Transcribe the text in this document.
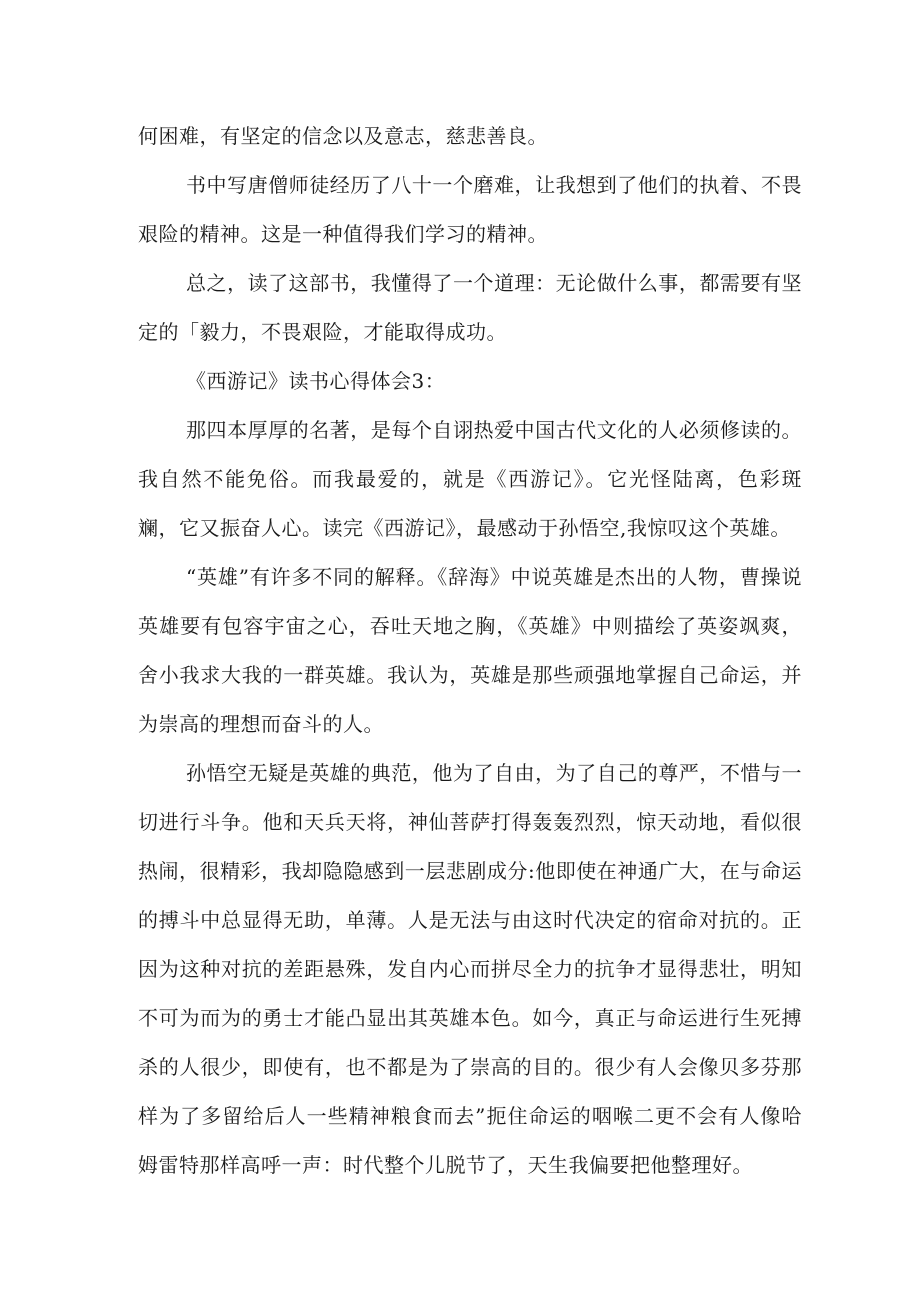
何困难，有坚定的信念以及意志，慈悲善良。

书中写唐僧师徒经历了八十一个磨难，让我想到了他们的执着、不畏艰险的精神。这是一种值得我们学习的精神。

总之，读了这部书，我懂得了一个道理：无论做什么事，都需要有坚定的「毅力，不畏艰险，才能取得成功。

《西游记》读书心得体会3：

那四本厚厚的名著，是每个自诩热爱中国古代文化的人必须修读的。我自然不能免俗。而我最爱的，就是《西游记》。它光怪陆离，色彩斑斓，它又振奋人心。读完《西游记》，最感动于孙悟空,我惊叹这个英雄。

“英雄”有许多不同的解释。《辞海》中说英雄是杰出的人物，曹操说英雄要有包容宇宙之心，吞吐天地之胸，《英雄》中则描绘了英姿飒爽，舍小我求大我的一群英雄。我认为，英雄是那些顽强地掌握自己命运，并为崇高的理想而奋斗的人。

孙悟空无疑是英雄的典范，他为了自由，为了自己的尊严，不惜与一切进行斗争。他和天兵天将，神仙菩萨打得轰轰烈烈，惊天动地，看似很热闹，很精彩，我却隐隐感到一层悲剧成分:他即使在神通广大，在与命运的搏斗中总显得无助，单薄。人是无法与由这时代决定的宿命对抗的。正因为这种对抗的差距悬殊，发自内心而拼尽全力的抗争才显得悲壮，明知不可为而为的勇士才能凸显出其英雄本色。如今，真正与命运进行生死搏杀的人很少，即使有，也不都是为了崇高的目的。很少有人会像贝多芬那样为了多留给后人一些精神粮食而去”扼住命运的咽喉二更不会有人像哈姆雷特那样高呼一声：时代整个儿脱节了，天生我偏要把他整理好。
